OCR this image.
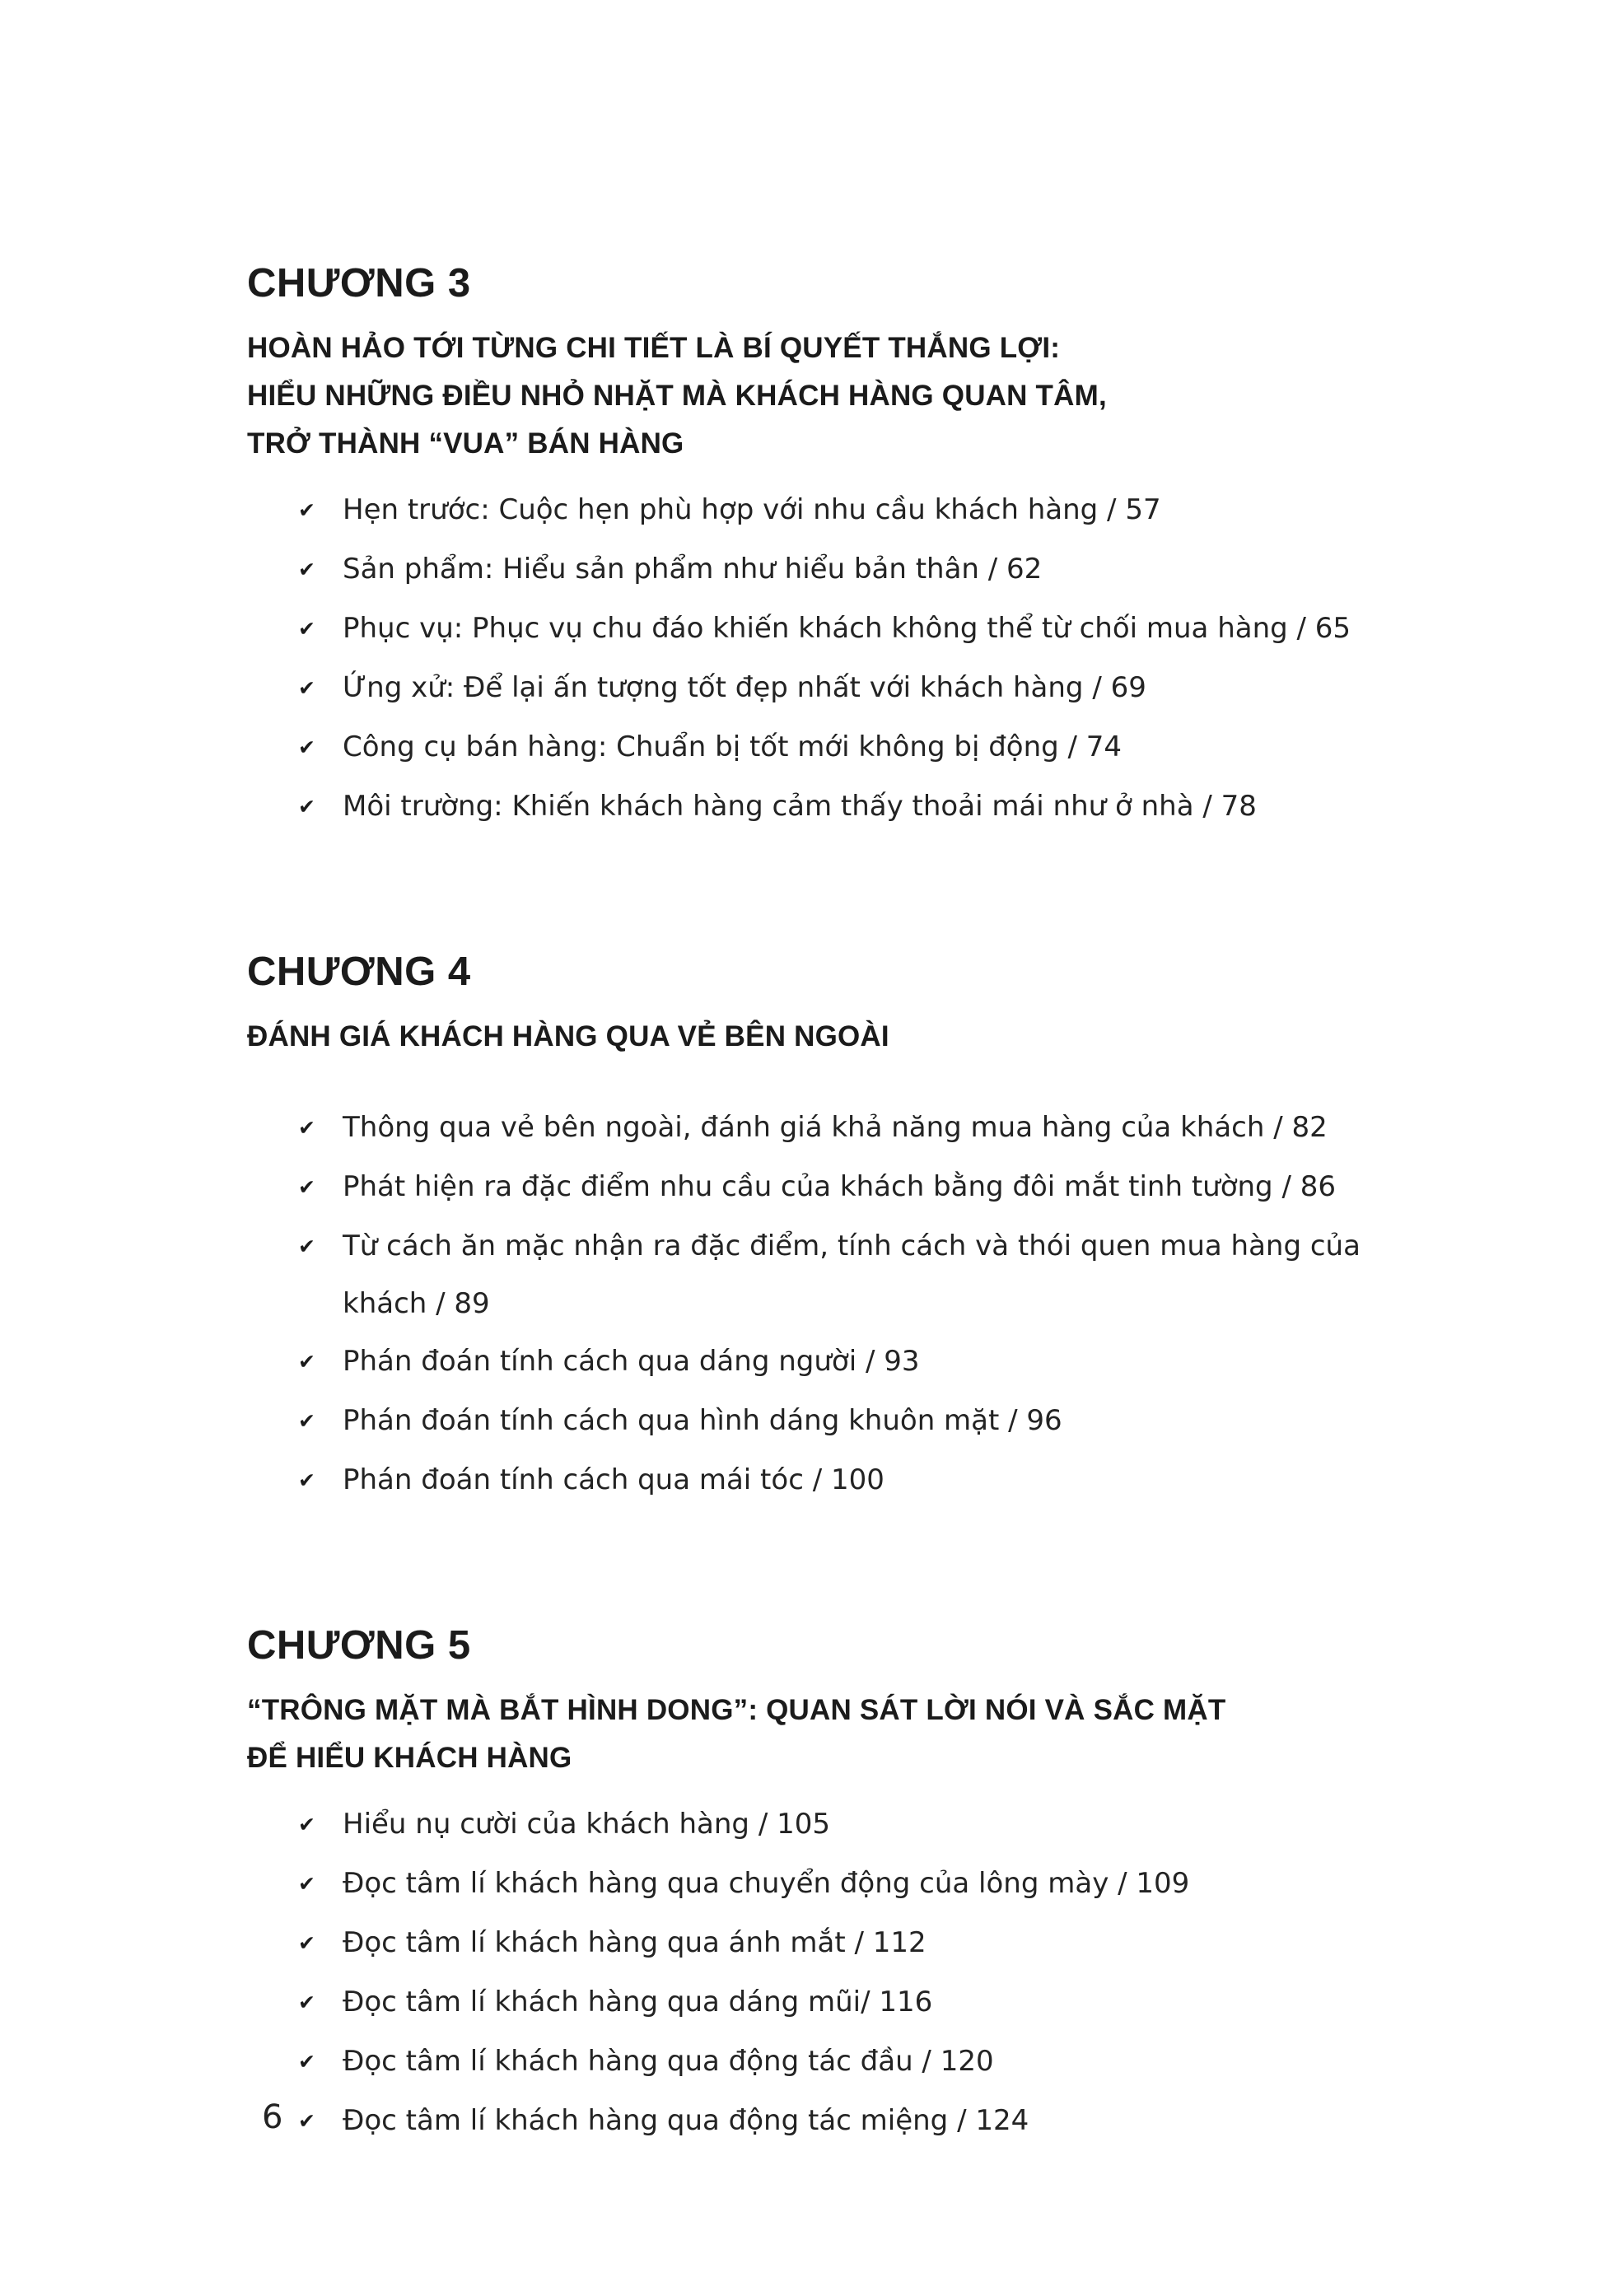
CHƯƠNG 3
HOÀN HẢO TỚI TỪNG CHI TIẾT LÀ BÍ QUYẾT THẮNG LỢI:
HIỂU NHỮNG ĐIỀU NHỎ NHẶT MÀ KHÁCH HÀNG QUAN TÂM,
TRỞ THÀNH “VUA” BÁN HÀNG
✔ Hẹn trước: Cuộc hẹn phù hợp với nhu cầu khách hàng / 57
✔ Sản phẩm: Hiểu sản phẩm như hiểu bản thân / 62
✔ Phục vụ: Phục vụ chu đáo khiến khách không thể từ chối mua hàng / 65
✔ Ứng xử: Để lại ấn tượng tốt đẹp nhất với khách hàng / 69
✔ Công cụ bán hàng: Chuẩn bị tốt mới không bị động / 74
✔ Môi trường: Khiến khách hàng cảm thấy thoải mái như ở nhà / 78
CHƯƠNG 4
ĐÁNH GIÁ KHÁCH HÀNG QUA VẺ BÊN NGOÀI
✔ Thông qua vẻ bên ngoài, đánh giá khả năng mua hàng của khách / 82
✔ Phát hiện ra đặc điểm nhu cầu của khách bằng đôi mắt tinh tường / 86
✔ Từ cách ăn mặc nhận ra đặc điểm, tính cách và thói quen mua hàng của khách / 89
✔ Phán đoán tính cách qua dáng người / 93
✔ Phán đoán tính cách qua hình dáng khuôn mặt / 96
✔ Phán đoán tính cách qua mái tóc / 100
CHƯƠNG 5
“TRÔNG MẶT MÀ BẮT HÌNH DONG”: QUAN SÁT LỜI NÓI VÀ SẮC MẶT
ĐỂ HIỂU KHÁCH HÀNG
✔ Hiểu nụ cười của khách hàng / 105
✔ Đọc tâm lí khách hàng qua chuyển động của lông mày / 109
✔ Đọc tâm lí khách hàng qua ánh mắt / 112
✔ Đọc tâm lí khách hàng qua dáng mũi/ 116
✔ Đọc tâm lí khách hàng qua động tác đầu / 120
✔ Đọc tâm lí khách hàng qua động tác miệng / 124
6
